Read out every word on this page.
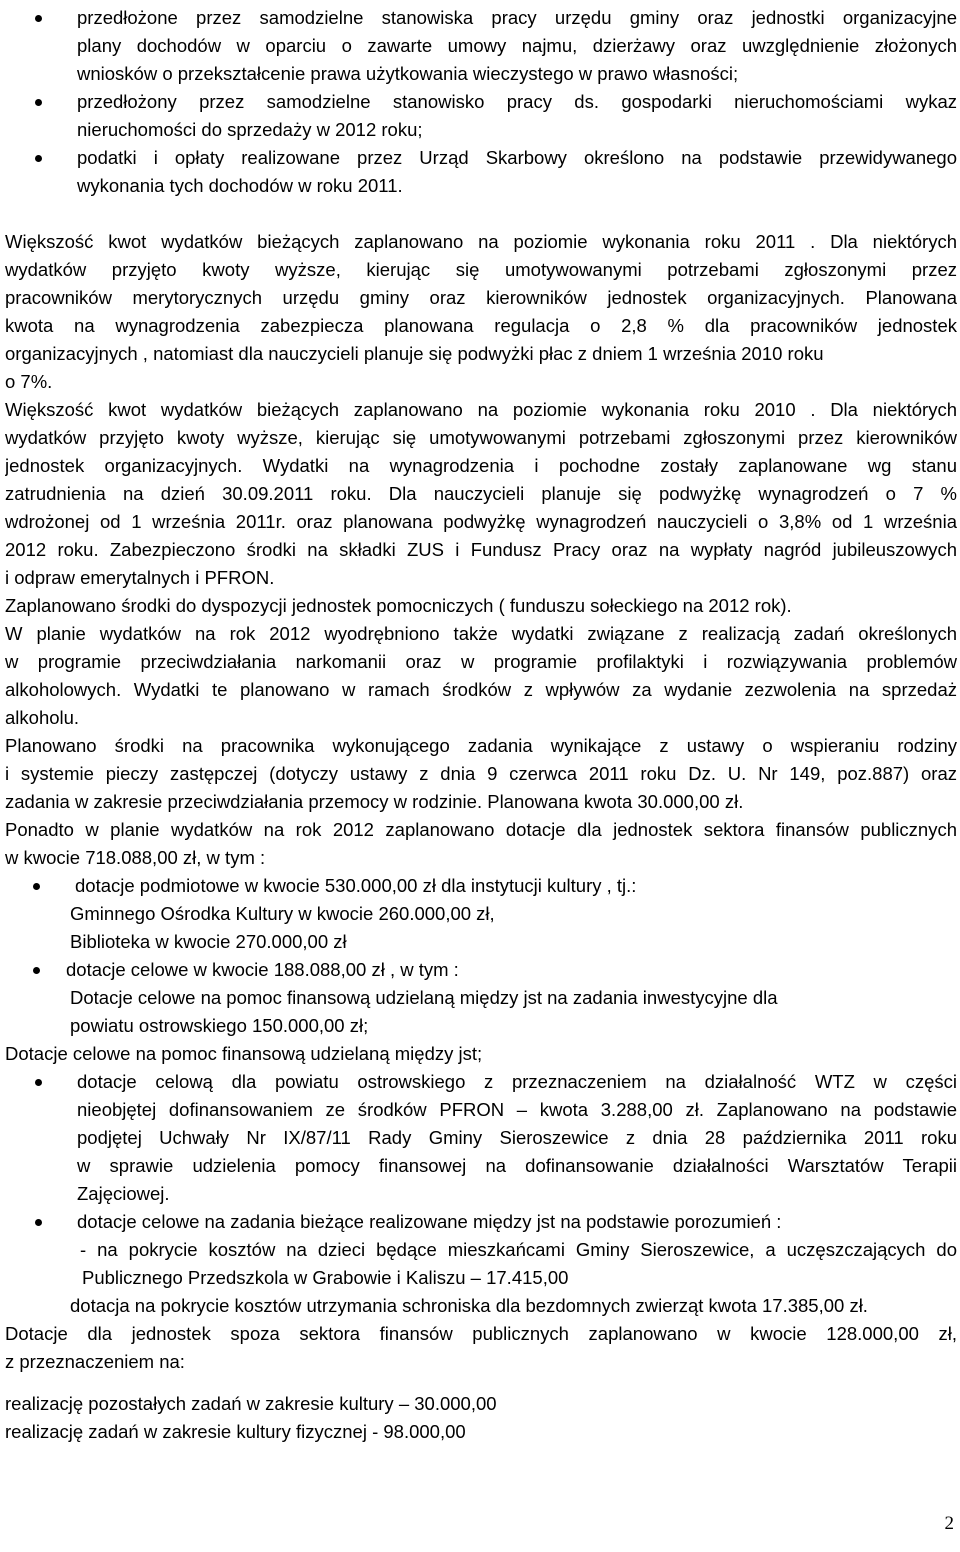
przedłożone przez samodzielne stanowiska pracy urzędu gminy oraz jednostki organizacyjne
plany dochodów w oparciu o zawarte umowy najmu, dzierżawy oraz uwzględnienie złożonych
wniosków o przekształcenie prawa użytkowania wieczystego w prawo własności;
przedłożony przez samodzielne stanowisko pracy ds. gospodarki nieruchomościami wykaz
nieruchomości do sprzedaży w 2012 roku;
podatki i opłaty realizowane przez Urząd Skarbowy określono na podstawie przewidywanego
wykonania tych dochodów w roku 2011.
Większość kwot wydatków bieżących zaplanowano na poziomie wykonania roku 2011 . Dla niektórych
wydatków przyjęto kwoty wyższe, kierując się umotywowanymi potrzebami zgłoszonymi przez
pracowników merytorycznych urzędu gminy oraz kierowników jednostek organizacyjnych. Planowana
kwota na wynagrodzenia zabezpiecza planowana regulacja o 2,8 % dla pracowników jednostek
organizacyjnych , natomiast dla nauczycieli planuje się podwyżki płac z dniem 1 września 2010 roku
o 7%.
Większość kwot wydatków bieżących zaplanowano na poziomie wykonania roku 2010 . Dla niektórych
wydatków przyjęto kwoty wyższe, kierując się umotywowanymi potrzebami zgłoszonymi przez kierowników
jednostek organizacyjnych. Wydatki na wynagrodzenia i pochodne zostały zaplanowane wg stanu
zatrudnienia na dzień 30.09.2011 roku. Dla nauczycieli planuje się podwyżkę wynagrodzeń o 7 %
wdrożonej od 1 września 2011r. oraz planowana podwyżkę wynagrodzeń nauczycieli o 3,8% od 1 września
2012 roku. Zabezpieczono środki na składki ZUS i Fundusz Pracy oraz na wypłaty nagród jubileuszowych
i odpraw emerytalnych i PFRON.
Zaplanowano środki do dyspozycji jednostek pomocniczych ( funduszu sołeckiego na 2012 rok).
W planie wydatków na rok 2012 wyodrębniono także wydatki związane z realizacją zadań określonych
w programie przeciwdziałania narkomanii oraz w programie profilaktyki i rozwiązywania problemów
alkoholowych. Wydatki te planowano w ramach środków z wpływów za wydanie zezwolenia na sprzedaż
alkoholu.
Planowano środki na pracownika wykonującego zadania wynikające z ustawy o wspieraniu rodziny
i systemie pieczy zastępczej (dotyczy ustawy z dnia 9 czerwca 2011 roku Dz. U. Nr 149, poz.887) oraz
zadania w zakresie przeciwdziałania przemocy w rodzinie. Planowana kwota 30.000,00 zł.
Ponadto w planie wydatków na rok 2012 zaplanowano dotacje dla jednostek sektora finansów publicznych
w kwocie 718.088,00 zł, w tym :
dotacje podmiotowe w kwocie 530.000,00 zł dla instytucji kultury , tj.:
Gminnego Ośrodka Kultury w kwocie 260.000,00 zł,
Biblioteka w kwocie 270.000,00 zł
dotacje celowe w kwocie 188.088,00 zł , w tym :
Dotacje celowe na pomoc finansową udzielaną między jst na zadania inwestycyjne dla
powiatu ostrowskiego 150.000,00 zł;
Dotacje celowe na pomoc finansową udzielaną między jst;
dotacje celową dla powiatu ostrowskiego z przeznaczeniem na działalność WTZ w części
nieobjętej dofinansowaniem ze środków PFRON – kwota 3.288,00 zł. Zaplanowano na podstawie
podjętej Uchwały Nr IX/87/11 Rady Gminy Sieroszewice z dnia 28 października 2011 roku
w sprawie udzielenia pomocy finansowej na dofinansowanie działalności Warsztatów Terapii
Zajęciowej.
dotacje celowe na zadania bieżące realizowane między jst na podstawie porozumień :
- na pokrycie kosztów na dzieci będące mieszkańcami Gminy Sieroszewice, a uczęszczających do
Publicznego Przedszkola w Grabowie i Kaliszu – 17.415,00
dotacja na pokrycie kosztów utrzymania schroniska dla bezdomnych zwierząt kwota 17.385,00 zł.
Dotacje dla jednostek spoza sektora finansów publicznych zaplanowano w kwocie 128.000,00 zł,
z przeznaczeniem na:
realizację pozostałych zadań w zakresie kultury – 30.000,00
realizację zadań w zakresie kultury fizycznej - 98.000,00
2
